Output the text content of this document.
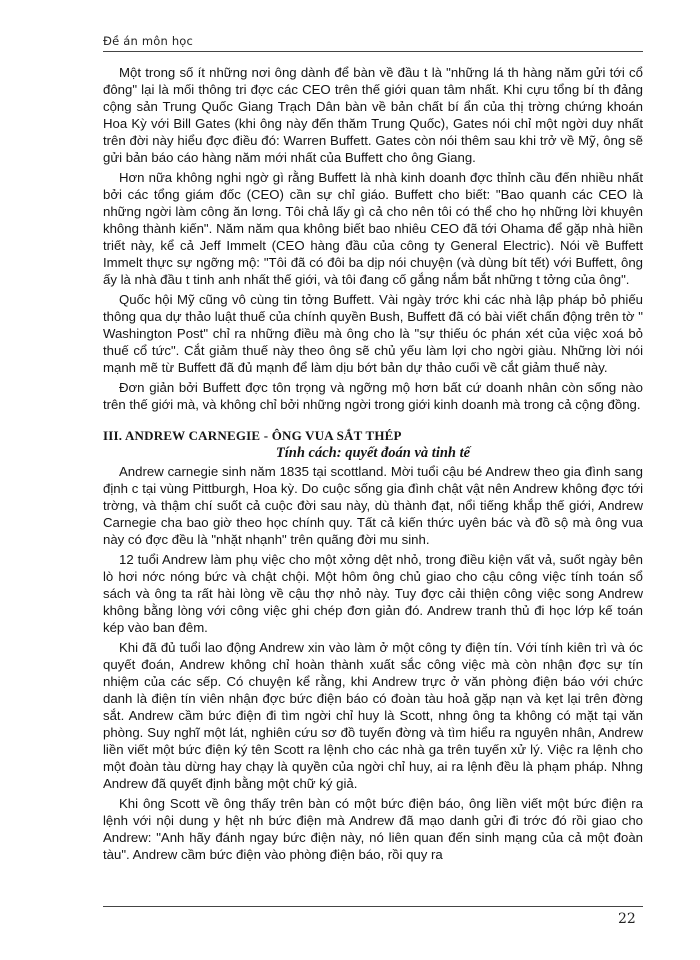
Đề án môn học

Một trong số ít những nơi ông dành để bàn về đầu t là "những lá th hàng năm gửi tới cổ đông" lại là mối thông tri đợc các CEO trên thế giới quan tâm nhất. Khi cựu tổng bí th đảng cộng sản Trung Quốc Giang Trạch Dân bàn về bản chất bí ẩn của thị trờng chứng khoán Hoa Kỳ với Bill Gates (khi ông này đến thăm Trung Quốc), Gates nói chỉ một ngời duy nhất trên đời này hiểu đợc điều đó: Warren Buffett. Gates còn nói thêm sau khi trở về Mỹ, ông sẽ gửi bản báo cáo hàng năm mới nhất của Buffett cho ông Giang.

Hơn nữa không nghi ngờ gì rằng Buffett là nhà kinh doanh đợc thỉnh cầu đến nhiều nhất bởi các tổng giám đốc (CEO) cần sự chỉ giáo. Buffett cho biết: "Bao quanh các CEO là những ngời làm công ăn lơng. Tôi chả lấy gì cả cho nên tôi có thể cho họ những lời khuyên không thành kiến". Năm năm qua không biết bao nhiêu CEO đã tới Ohama để gặp nhà hiền triết này, kể cả Jeff Immelt (CEO hàng đầu của công ty General Electric). Nói về Buffett Immelt thực sự ngỡng mộ: "Tôi đã có đôi ba dịp nói chuyện (và dùng bít tết) với Buffett, ông ấy là nhà đầu t tinh anh nhất thế giới, và tôi đang cố gắng nắm bắt những t tởng của ông".

Quốc hội Mỹ cũng vô cùng tin tởng Buffett. Vài ngày trớc khi các nhà lập pháp bỏ phiếu thông qua dự thảo luật thuế của chính quyền Bush, Buffett đã có bài viết chấn động trên tờ " Washington Post" chỉ ra những điều mà ông cho là "sự thiếu óc phán xét của việc xoá bỏ thuế cổ tức". Cắt giảm thuế này theo ông sẽ chủ yếu làm lợi cho ngời giàu. Những lời nói mạnh mẽ từ Buffett đã đủ mạnh để làm dịu bớt bản dự thảo cuối về cắt giảm thuế này.

Đơn giản bởi Buffett đợc tôn trọng và ngỡng mộ hơn bất cứ doanh nhân còn sống nào trên thế giới mà, và không chỉ bởi những ngời trong giới kinh doanh mà trong cả cộng đồng.

III. ANDREW CARNEGIE - ÔNG VUA SẮT THÉP
Tính cách: quyết đoán và tinh tế

Andrew carnegie sinh năm 1835 tại scottland. Mời tuổi cậu bé Andrew theo gia đình sang định c tại vùng Pittburgh, Hoa kỳ. Do cuộc sống gia đình chật vật nên Andrew không đợc tới trờng, và thậm chí suốt cả cuộc đời sau này, dù thành đạt, nổi tiếng khắp thế giới, Andrew Carnegie cha bao giờ theo học chính quy. Tất cả kiến thức uyên bác và đồ sộ mà ông vua này có đợc đều là "nhặt nhạnh" trên quãng đời mu sinh.

12 tuổi Andrew làm phụ việc cho một xởng dệt nhỏ, trong điều kiện vất vả, suốt ngày bên lò hơi nớc nóng bức và chật chội. Một hôm ông chủ giao cho cậu công việc tính toán sổ sách và ông ta rất hài lòng về cậu thợ nhỏ này. Tuy đợc cải thiện công việc song Andrew không bằng lòng với công việc ghi chép đơn giản đó. Andrew tranh thủ đi học lớp kế toán kép vào ban đêm.

Khi đã đủ tuổi lao động Andrew xin vào làm ở một công ty điện tín. Với tính kiên trì và óc quyết đoán, Andrew không chỉ hoàn thành xuất sắc công việc mà còn nhận đợc sự tín nhiệm của các sếp. Có chuyện kể rằng, khi Andrew trực ở văn phòng điện báo với chức danh là điện tín viên nhận đợc bức điện báo có đoàn tàu hoả gặp nạn và kẹt lại trên đờng sắt. Andrew cầm bức điện đi tìm ngời chỉ huy là Scott, nhng ông ta không có mặt tại văn phòng. Suy nghĩ một lát, nghiên cứu sơ đồ tuyến đờng và tìm hiểu ra nguyên nhân, Andrew liền viết một bức điện ký tên Scott ra lệnh cho các nhà ga trên tuyến xử lý. Việc ra lệnh cho một đoàn tàu dừng hay chạy là quyền của ngời chỉ huy, ai ra lệnh đều là phạm pháp. Nhng Andrew đã quyết định bằng một chữ ký giả.

Khi ông Scott về ông thấy trên bàn có một bức điện báo, ông liền viết một bức điện ra lệnh với nội dung y hệt nh bức điện mà Andrew đã mạo danh gửi đi trớc đó rồi giao cho Andrew: "Anh hãy đánh ngay bức điện này, nó liên quan đến sinh mạng của cả một đoàn tàu". Andrew cầm bức điện vào phòng điện báo, rồi quy ra

22
